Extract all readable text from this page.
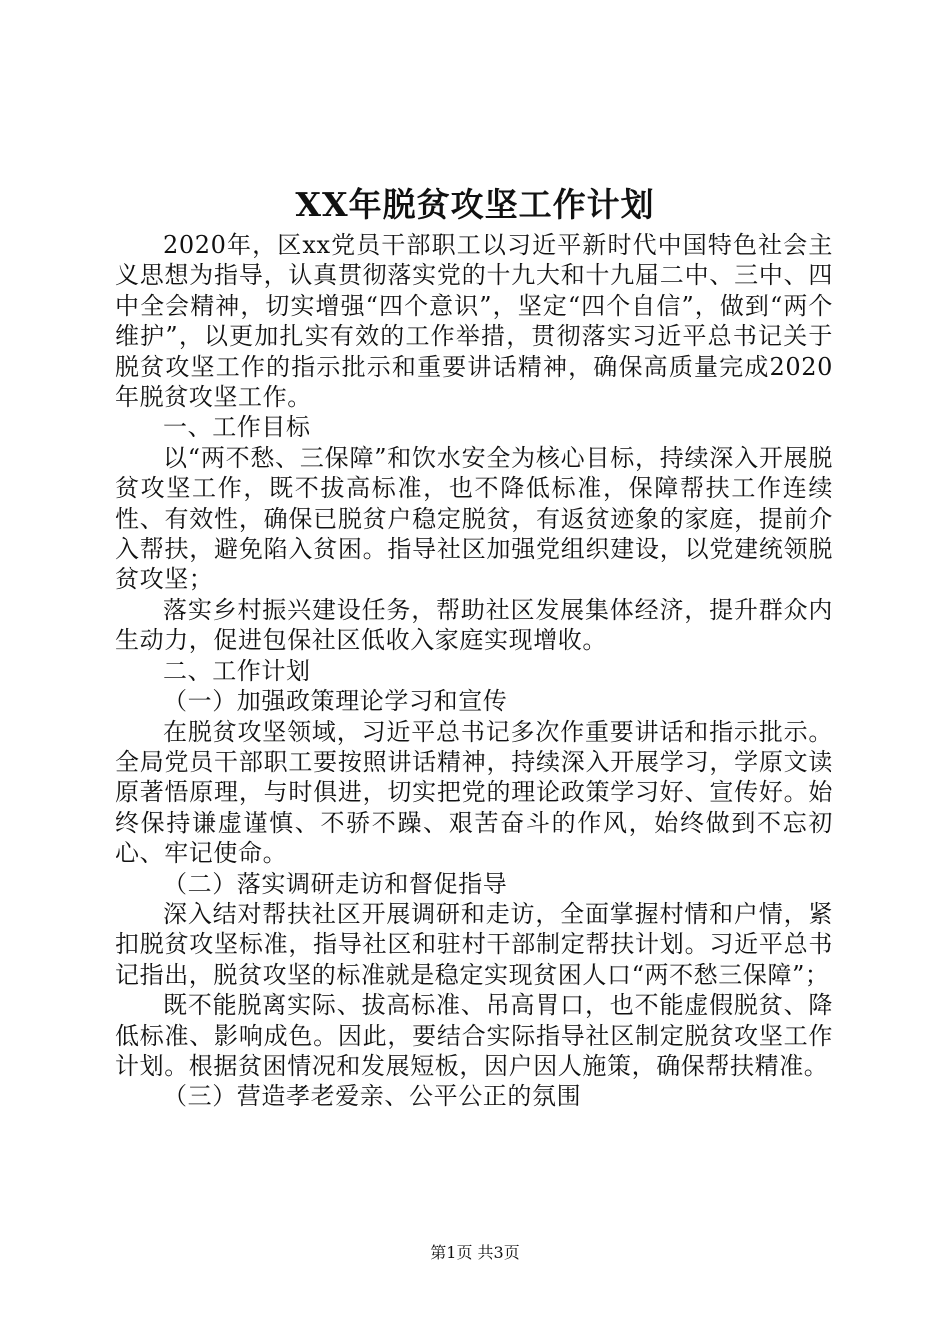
XX年脱贫攻坚工作计划

2020年，区xx党员干部职工以习近平新时代中国特色社会主义思想为指导，认真贯彻落实党的十九大和十九届二中、三中、四中全会精神，切实增强“四个意识”，坚定“四个自信”，做到“两个维护”，以更加扎实有效的工作举措，贯彻落实习近平总书记关于脱贫攻坚工作的指示批示和重要讲话精神，确保高质量完成2020年脱贫攻坚工作。

一、工作目标

以“两不愁、三保障”和饮水安全为核心目标，持续深入开展脱贫攻坚工作，既不拔高标准，也不降低标准，保障帮扶工作连续性、有效性，确保已脱贫户稳定脱贫，有返贫迹象的家庭，提前介入帮扶，避免陷入贫困。指导社区加强党组织建设，以党建统领脱贫攻坚；

落实乡村振兴建设任务，帮助社区发展集体经济，提升群众内生动力，促进包保社区低收入家庭实现增收。

二、工作计划

（一）加强政策理论学习和宣传

在脱贫攻坚领域，习近平总书记多次作重要讲话和指示批示。全局党员干部职工要按照讲话精神，持续深入开展学习，学原文读原著悟原理，与时俱进，切实把党的理论政策学习好、宣传好。始终保持谦虚谨慎、不骄不躁、艰苦奋斗的作风，始终做到不忘初心、牢记使命。

（二）落实调研走访和督促指导

深入结对帮扶社区开展调研和走访，全面掌握村情和户情，紧扣脱贫攻坚标准，指导社区和驻村干部制定帮扶计划。习近平总书记指出，脱贫攻坚的标准就是稳定实现贫困人口“两不愁三保障”；

既不能脱离实际、拔高标准、吊高胃口，也不能虚假脱贫、降低标准、影响成色。因此，要结合实际指导社区制定脱贫攻坚工作计划。根据贫困情况和发展短板，因户因人施策，确保帮扶精准。

（三）营造孝老爱亲、公平公正的氛围

第1页 共3页
